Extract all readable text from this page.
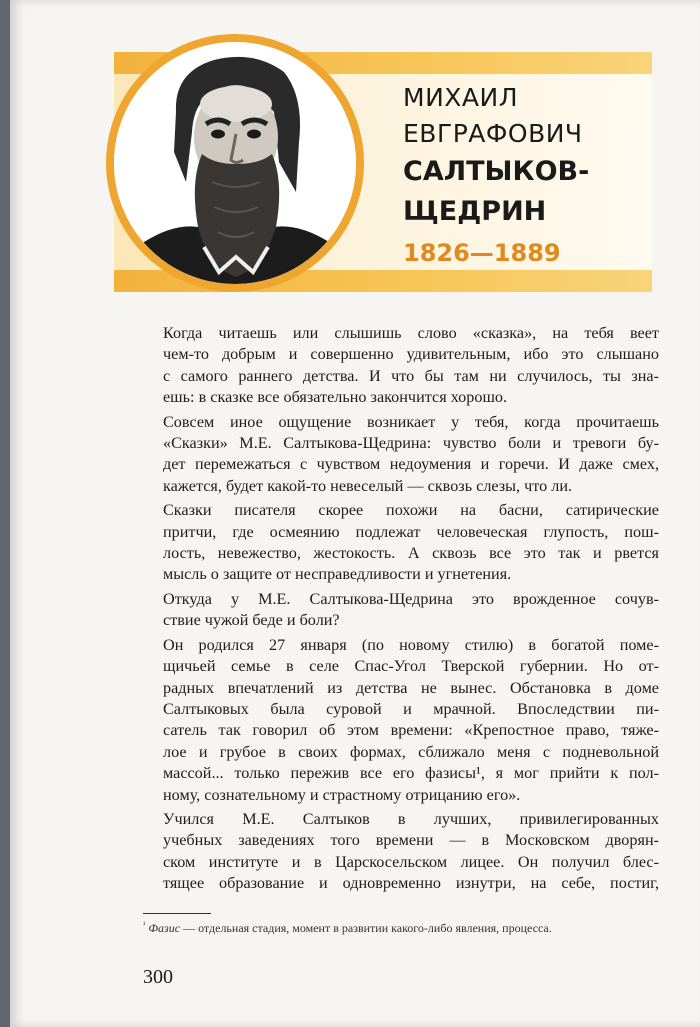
МИХАИЛ
ЕВГРАФОВИЧ
САЛТЫКОВ-
ЩЕДРИН
1826—1889

Когда читаешь или слышишь слово «сказка», на тебя веет
чем-то добрым и совершенно удивительным, ибо это слышано
с самого раннего детства. И что бы там ни случилось, ты зна-
ешь: в сказке все обязательно закончится хорошо.

Совсем иное ощущение возникает у тебя, когда прочитаешь
«Сказки» М.Е. Салтыкова-Щедрина: чувство боли и тревоги бу-
дет перемежаться с чувством недоумения и горечи. И даже смех,
кажется, будет какой-то невеселый — сквозь слезы, что ли.

Сказки писателя скорее похожи на басни, сатирические
притчи, где осмеянию подлежат человеческая глупость, пош-
лость, невежество, жестокость. А сквозь все это так и рвется
мысль о защите от несправедливости и угнетения.

Откуда у М.Е. Салтыкова-Щедрина это врожденное сочув-
ствие чужой беде и боли?

Он родился 27 января (по новому стилю) в богатой поме-
щичьей семье в селе Спас-Угол Тверской губернии. Но от-
радных впечатлений из детства не вынес. Обстановка в доме
Салтыковых была суровой и мрачной. Впоследствии пи-
сатель так говорил об этом времени: «Крепостное право, тяже-
лое и грубое в своих формах, сближало меня с подневольной
массой... только пережив все его фазисы¹, я мог прийти к пол-
ному, сознательному и страстному отрицанию его».

Учился М.Е. Салтыков в лучших, привилегированных
учебных заведениях того времени — в Московском дворян-
ском институте и в Царскосельском лицее. Он получил блес-
тящее образование и одновременно изнутри, на себе, постиг,

$^{^1}$ Фазис — отдельная стадия, момент в развитии какого-либо явления, процесса.
300
